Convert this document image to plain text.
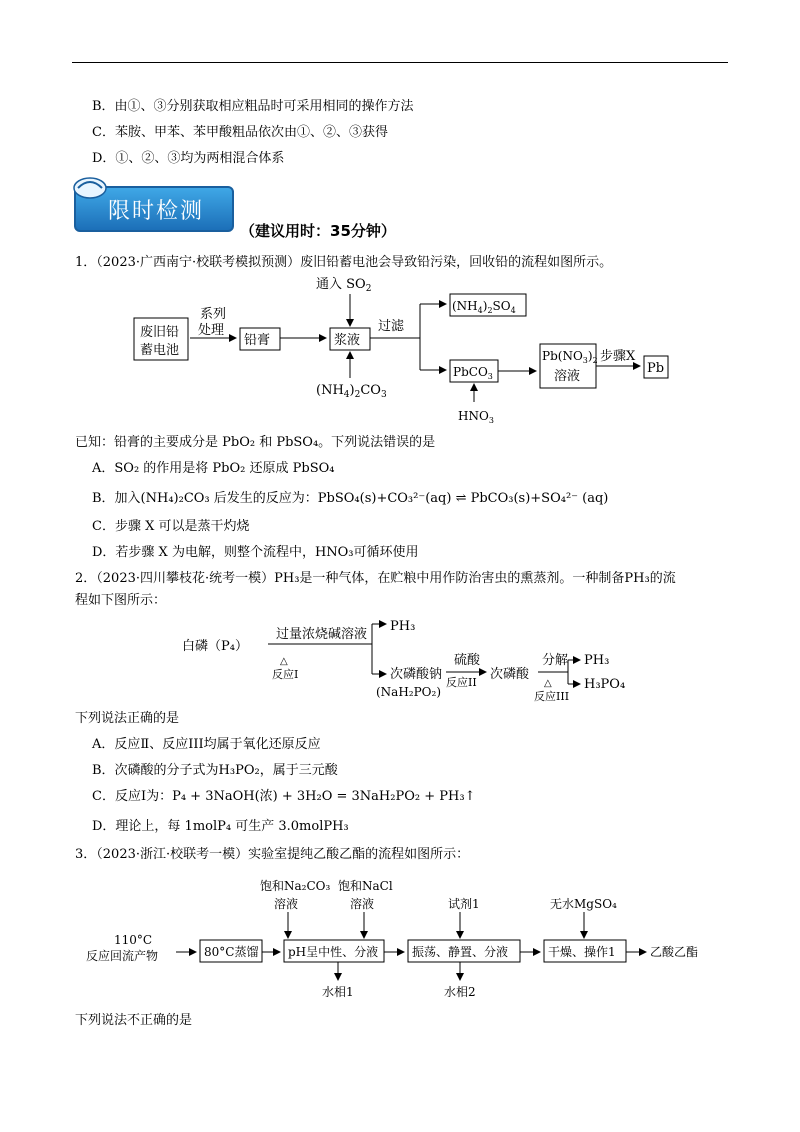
B．由①、③分别获取相应粗品时可采用相同的操作方法
C．苯胺、甲苯、苯甲酸粗品依次由①、②、③获得
D．①、②、③均为两相混合体系
限时检测
（建议用时：35分钟）
1．（2023·广西南宁·校联考模拟预测）废旧铅蓄电池会导致铅污染，回收铅的流程如图所示。
废旧铅
蓄电池
系列
处理
铅膏	浆液
通入 $SO_2$
$(NH_4)_2CO_3$
过滤
$(NH_4)_2SO_4$
PbCO$_3$
$HNO_3$
$Pb(NO_3)_2$
溶液
步骤X
Pb
已知：铅膏的主要成分是 PbO₂ 和 PbSO₄。下列说法错误的是
A．SO₂ 的作用是将 PbO₂ 还原成 PbSO₄
B．加入(NH₄)₂CO₃ 后发生的反应为：PbSO₄(s)+CO₃²⁻(aq) ⇌ PbCO₃(s)+SO₄²⁻ (aq)
C．步骤 X 可以是蒸干灼烧
D．若步骤 X 为电解，则整个流程中，HNO₃可循环使用
2．（2023·四川攀枝花·统考一模）PH₃是一种气体，在贮粮中用作防治害虫的熏蒸剂。一种制备PH₃的流
程如下图所示：
白磷（P₄）
过量浓烧碱溶液
△
反应I
PH₃
次磷酸钠
(NaH₂PO₂)
硫酸
反应II
次磷酸
分解
△
反应III
PH₃
H₃PO₄
下列说法正确的是
A．反应Ⅱ、反应III均属于氧化还原反应
B．次磷酸的分子式为H₃PO₂，属于三元酸
C．反应Ⅰ为：P₄ + 3NaOH(浓) + 3H₂O = 3NaH₂PO₂ + PH₃↑
D．理论上，每 1molP₄ 可生产 3.0molPH₃
3．（2023·浙江·校联考一模）实验室提纯乙酸乙酯的流程如图所示：
110°C
反应回流产物	80°C蒸馏
饱和Na₂CO₃
溶液
饱和NaCl
溶液
pH呈中性、分液
水相1
试剂1
振荡、静置、分液
水相2
无水MgSO₄
干燥、操作1	乙酸乙酯
下列说法不正确的是
